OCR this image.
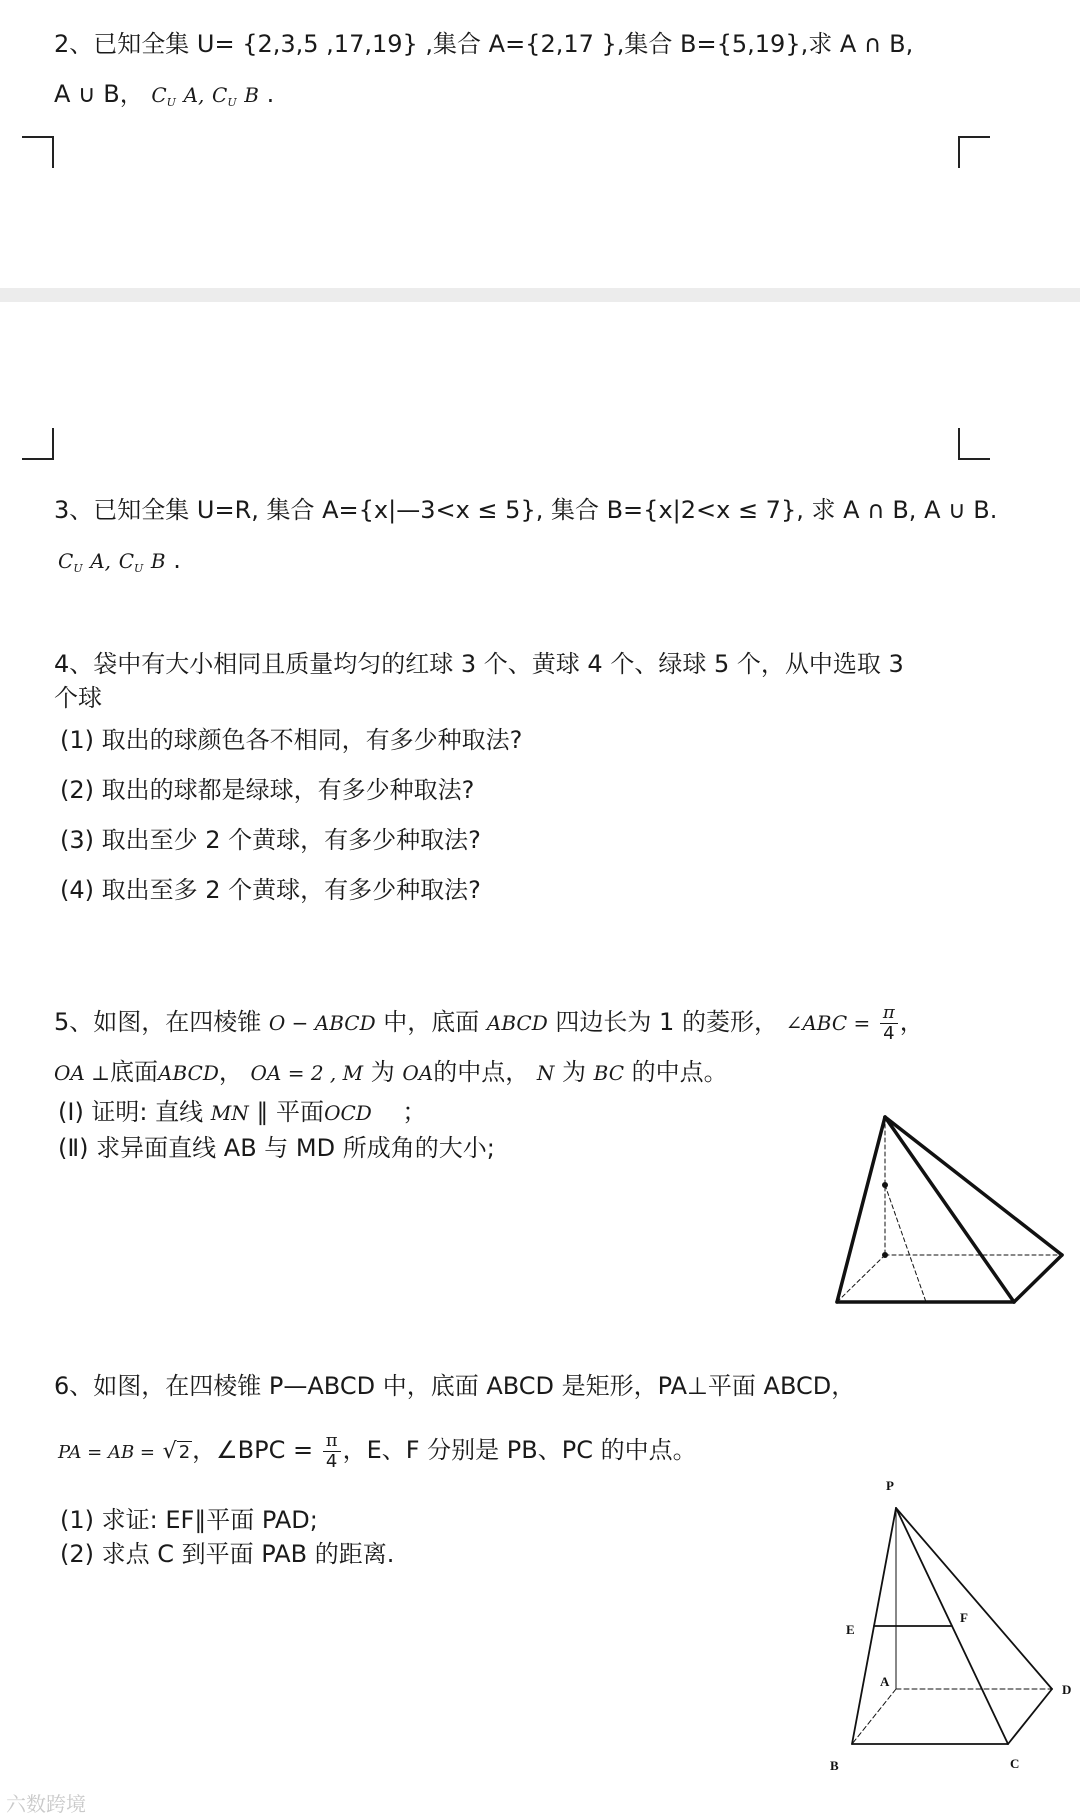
2、已知全集 U= {2,3,5 ,17,19} ,集合 A={2,17 },集合 B={5,19},求 A ∩ B,
A ∪ B， $C_U$ A, $C_U$ B .
3、已知全集 U=R, 集合 A={x|—3<x ≤ 5}, 集合 B={x|2<x ≤ 7}, 求 A ∩ B, A ∪ B.
$C_U$ A, $C_U$ B .
4、袋中有大小相同且质量均匀的红球 3 个、黄球 4 个、绿球 5 个，从中选取 3
个球
(1) 取出的球颜色各不相同，有多少种取法?
(2) 取出的球都是绿球，有多少种取法?
(3) 取出至少 2 个黄球，有多少种取法?
(4) 取出至多 2 个黄球，有多少种取法?
5、如图，在四棱锥 O − ABCD 中，底面 ABCD 四边长为 1 的菱形， ∠ABC = $\frac{\pi}{4}$ ，
OA ⊥底面ABCD， OA = 2 , M 为 OA的中点， N 为 BC 的中点。
(Ⅰ) 证明: 直线 MN ∥ 平面OCD ；
(Ⅱ) 求异面直线 AB 与 MD 所成角的大小;
6、如图，在四棱锥 P—ABCD 中，底面 ABCD 是矩形，PA⊥平面 ABCD，
PA = AB = √ 2，∠BPC = $\frac{\pi}{4}$ ，E、F 分别是 PB、PC 的中点。
(1) 求证: EF∥平面 PAD;
(2) 求点 C 到平面 PAB 的距离.
P
E
F
A
D
B	C
六数跨境
